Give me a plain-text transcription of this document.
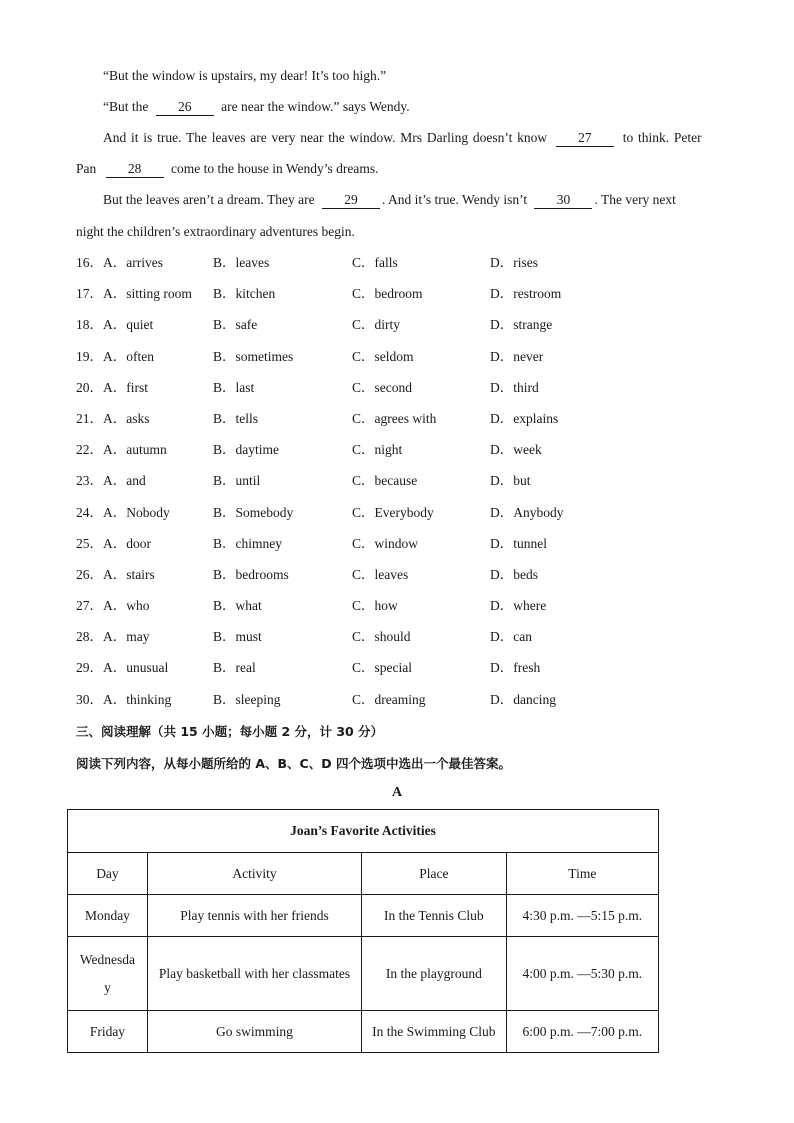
“But the window is upstairs, my dear! It’s too high.”
“But the 26 are near the window.” says Wendy.
And it is true. The leaves are very near the window. Mrs Darling doesn’t know 27 to think. Peter
Pan 28 come to the house in Wendy’s dreams.
But the leaves aren’t a dream. They are 29 . And it’s true. Wendy isn’t 30 . The very next
night the children’s extraordinary adventures begin.
16．A．arrives	B．leaves	C．falls	D．rises
17．A．sitting room B．kitchen	C．bedroom	D．restroom
18．A．quiet	B．safe	C．dirty	D．strange
19．A．often	B．sometimes	C．seldom	D．never
20．A．first	B．last	C．second	D．third
21．A．asks	B．tells	C．agrees with	D．explains
22．A．autumn	B．daytime	C．night	D．week
23．A．and	B．until	C．because	D．but
24．A．Nobody	B．Somebody	C．Everybody	D．Anybody
25．A．door	B．chimney	C．window	D．tunnel
26．A．stairs	B．bedrooms	C．leaves	D．beds
27．A．who	B．what	C．how	D．where
28．A．may	B．must	C．should	D．can
29．A．unusual	B．real	C．special	D．fresh
30．A．thinking	B．sleeping	C．dreaming	D．dancing
三、阅读理解（共 15 小题；每小题 2 分，计 30 分）
阅读下列内容，从每小题所给的 A、B、C、D 四个选项中选出一个最佳答案。
A
Joan’s Favorite Activities			
Day	Activity	Place	Time
Monday	Play tennis with her friends	In the Tennis Club	4:30 p.m. —5:15 p.m.
Wednesday	Play basketball with her classmates	In the playground	4:00 p.m. —5:30 p.m.
Friday	Go swimming	In the Swimming Club	6:00 p.m. —7:00 p.m.
